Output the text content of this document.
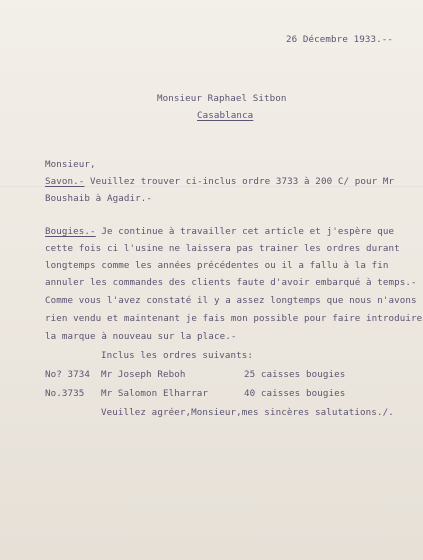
26 Décembre 1933.--
Monsieur Raphael Sitbon
Casablanca
Monsieur,
Savon.- Veuillez trouver ci-inclus ordre 3733 à 200 C/ pour Mr
Boushaib à Agadir.-
Bougies.- Je continue à travailler cet article et j'espère que
cette fois ci l'usine ne laissera pas trainer les ordres durant
longtemps comme les années précédentes ou il a fallu à la fin
annuler les commandes des clients faute d'avoir embarqué à temps.-
Comme vous l'avez constaté il y a assez longtemps que nous n'avons
rien vendu et maintenant je fais mon possible pour faire introduire
la marque à nouveau sur la place.-
Inclus les ordres suivants:
No? 3734 Mr Joseph Reboh	25 caisses bougies
No.3735 Mr Salomon Elharrar	40 caisses bougies
Veuillez agréer,Monsieur,mes sincères salutations./.
